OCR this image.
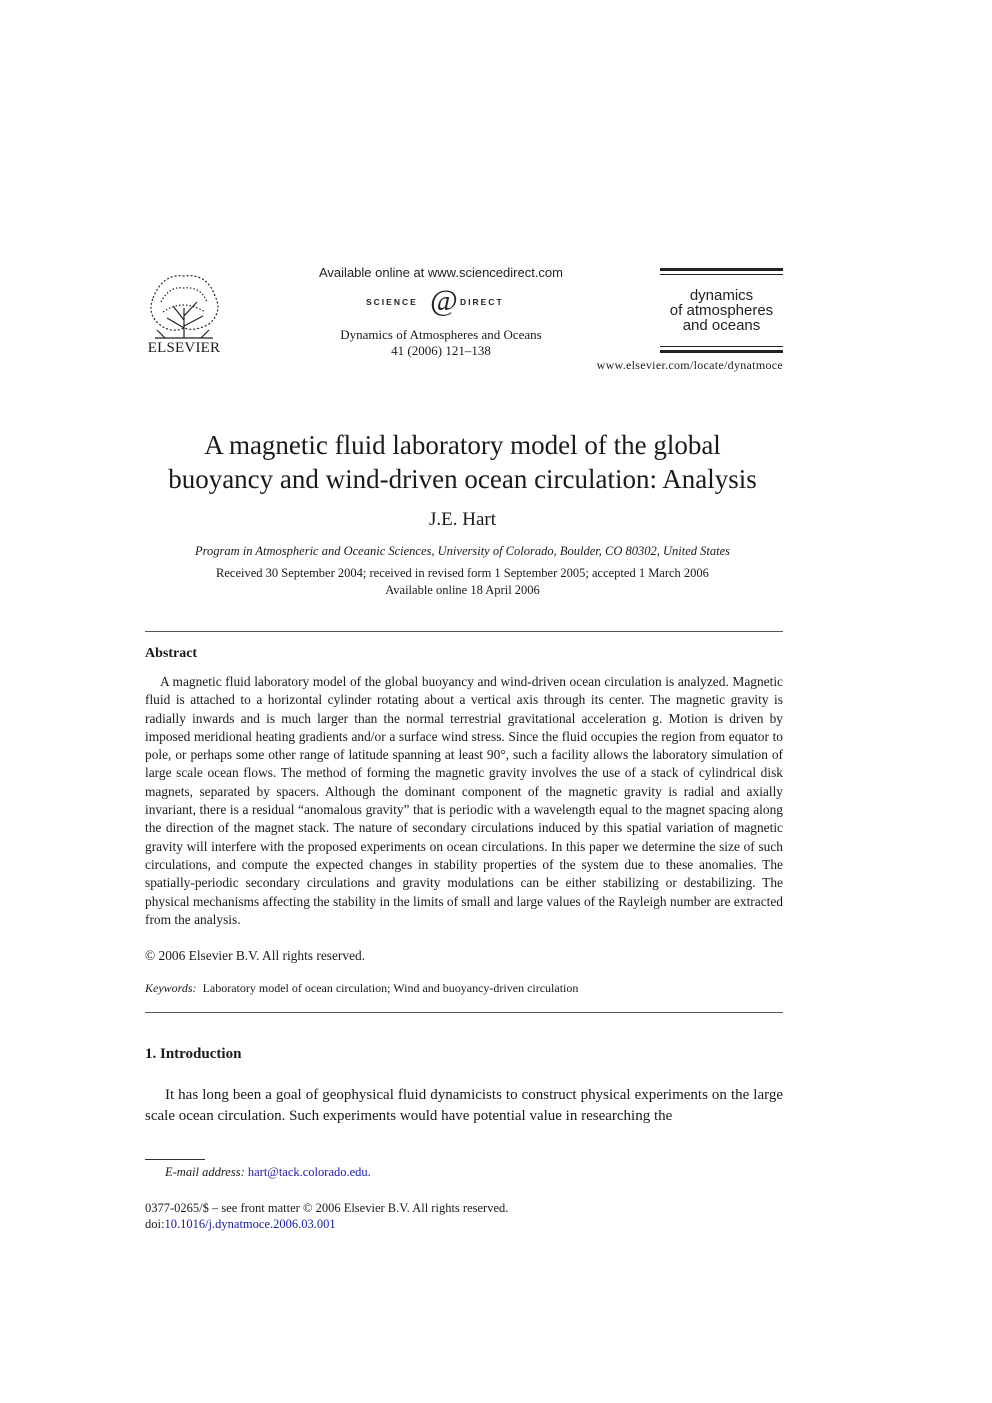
ELSEVIER
Available online at www.sciencedirect.com
SCIENCE @ DIRECT
Dynamics of Atmospheres and Oceans
41 (2006) 121–138
dynamics
of atmospheres
and oceans
www.elsevier.com/locate/dynatmoce
A magnetic fluid laboratory model of the global
buoyancy and wind-driven ocean circulation: Analysis
J.E. Hart
Program in Atmospheric and Oceanic Sciences, University of Colorado, Boulder, CO 80302, United States
Received 30 September 2004; received in revised form 1 September 2005; accepted 1 March 2006
Available online 18 April 2006
Abstract
A magnetic fluid laboratory model of the global buoyancy and wind-driven ocean circulation is analyzed. Magnetic fluid is attached to a horizontal cylinder rotating about a vertical axis through its center. The magnetic gravity is radially inwards and is much larger than the normal terrestrial gravitational acceleration g. Motion is driven by imposed meridional heating gradients and/or a surface wind stress. Since the fluid occupies the region from equator to pole, or perhaps some other range of latitude spanning at least 90°, such a facility allows the laboratory simulation of large scale ocean flows. The method of forming the magnetic gravity involves the use of a stack of cylindrical disk magnets, separated by spacers. Although the dominant component of the magnetic gravity is radial and axially invariant, there is a residual “anomalous gravity” that is periodic with a wavelength equal to the magnet spacing along the direction of the magnet stack. The nature of secondary circulations induced by this spatial variation of magnetic gravity will interfere with the proposed experiments on ocean circulations. In this paper we determine the size of such circulations, and compute the expected changes in stability properties of the system due to these anomalies. The spatially-periodic secondary circulations and gravity modulations can be either stabilizing or destabilizing. The physical mechanisms affecting the stability in the limits of small and large values of the Rayleigh number are extracted from the analysis.
© 2006 Elsevier B.V. All rights reserved.
Keywords: Laboratory model of ocean circulation; Wind and buoyancy-driven circulation
1. Introduction
It has long been a goal of geophysical fluid dynamicists to construct physical experiments on the large scale ocean circulation. Such experiments would have potential value in researching the
E-mail address: hart@tack.colorado.edu.
0377-0265/$ – see front matter © 2006 Elsevier B.V. All rights reserved.
doi:10.1016/j.dynatmoce.2006.03.001
